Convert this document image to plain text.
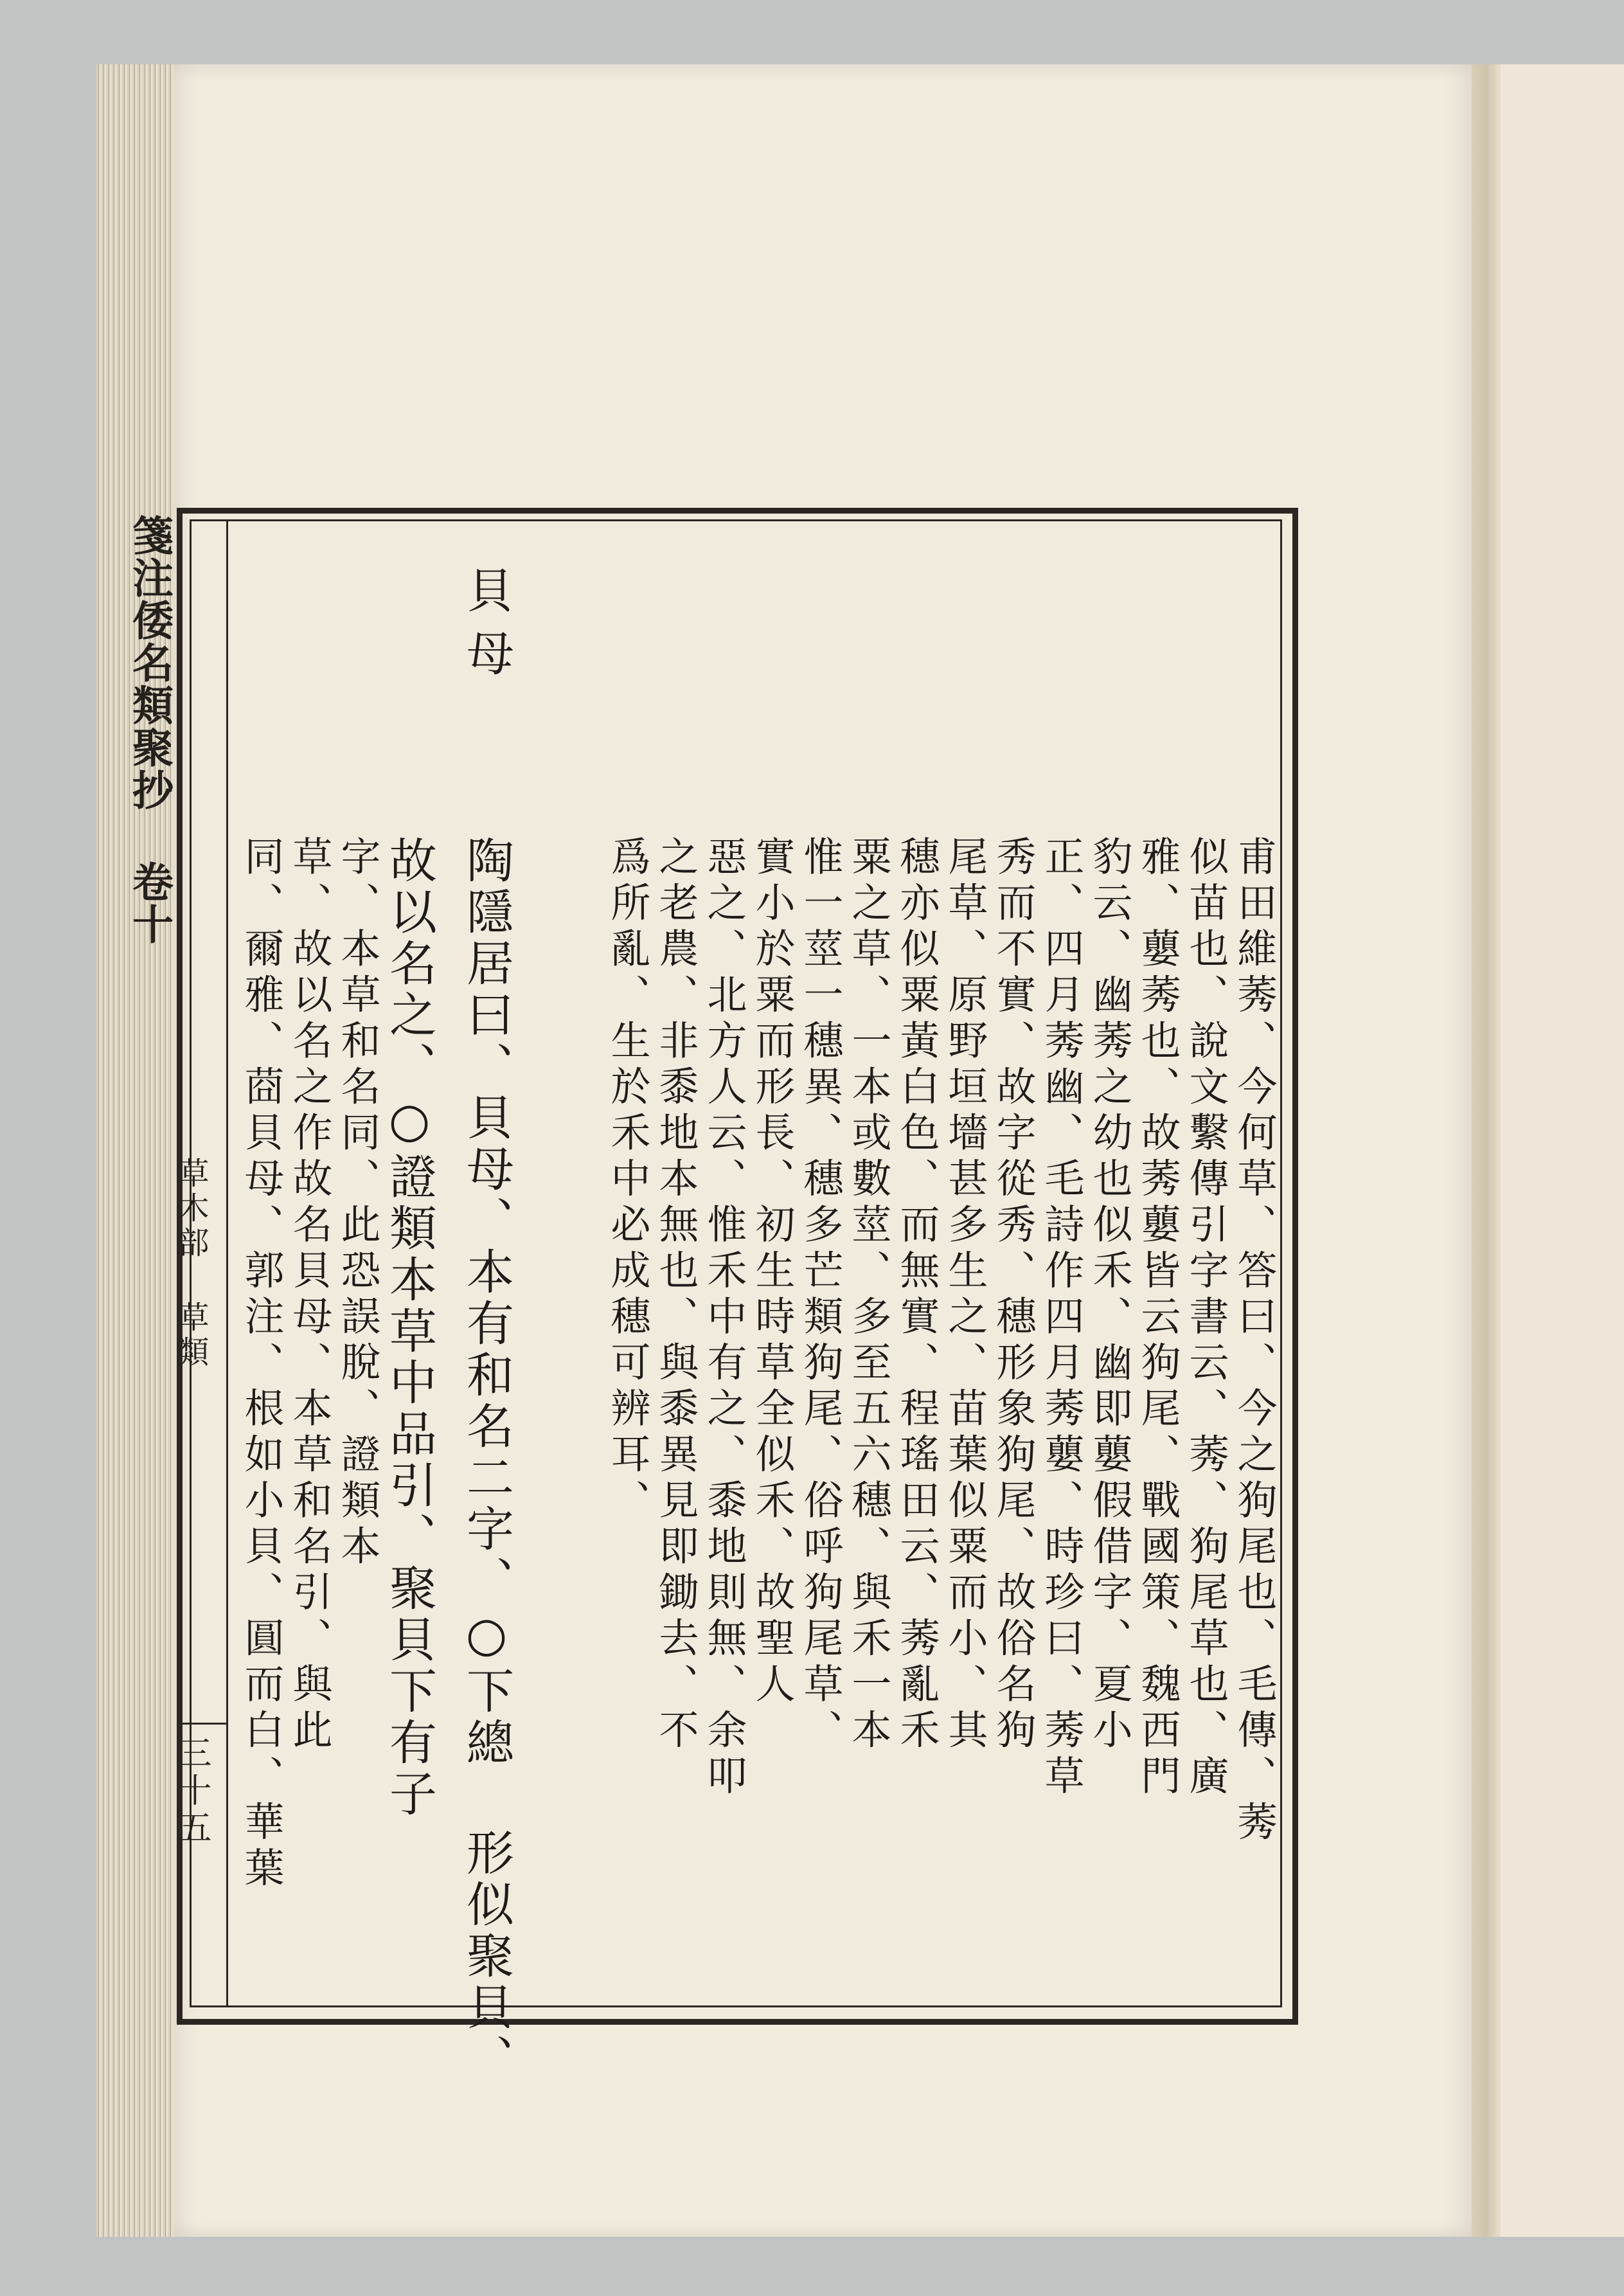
箋注倭名類聚抄 卷十
草木部 草類
三十五
貝母
甫田維莠、今何草、答曰、今之狗尾也、毛傳、莠
似苗也、說文繫傳引字書云、莠、狗尾草也、廣
雅、蘡莠也、故莠蘡皆云狗尾、戰國策、魏西門
豹云、幽莠之幼也似禾、幽即蘡假借字、夏小
正、四月莠幽、毛詩作四月莠蘡、時珍曰、莠草
秀而不實、故字從秀、穗形象狗尾、故俗名狗
尾草、原野垣墻甚多生之、苗葉似粟而小、其
穗亦似粟黃白色、而無實、程瑤田云、莠亂禾
粟之草、一本或數莖、多至五六穗、與禾一本
惟一莖一穗異、穗多芒類狗尾、俗呼狗尾草、
實小於粟而形長、初生時草全似禾、故聖人
惡之、北方人云、惟禾中有之、黍地則無、余叩
之老農、非黍地本無也、與黍異見即鋤去、不
爲所亂、生於禾中必成穗可辨耳、
陶隱居曰、貝母、本有和名二字、○下總 形似聚貝、
故以名之、○證類本草中品引、聚貝下有子
字、本草和名同、此恐誤脫、證類本
草、故以名之作故名貝母、本草和名引、與此
同、爾雅、莔貝母、郭注、根如小貝、圓而白、華葉
